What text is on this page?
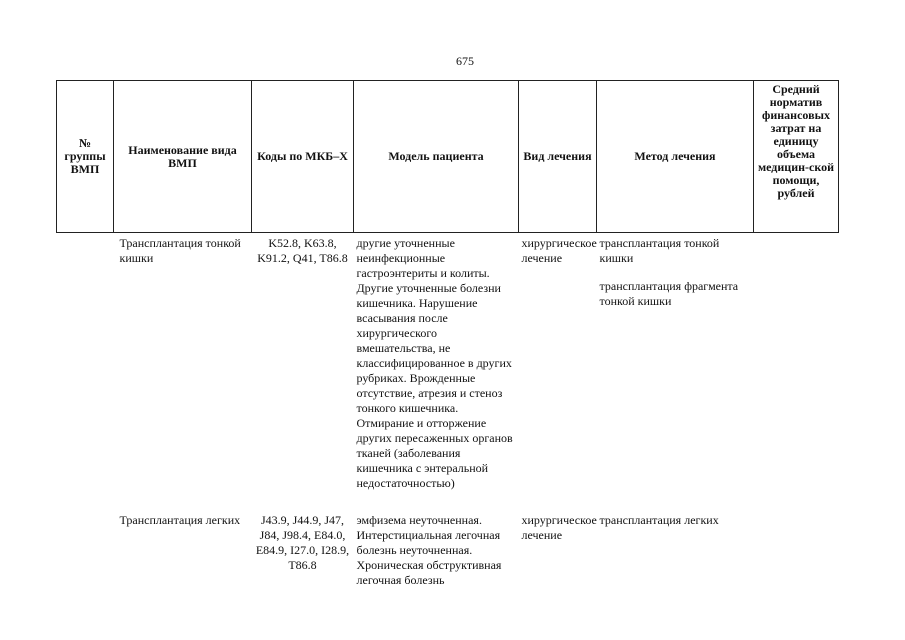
675
№ группы ВМП	Наименование вида ВМП	Коды по МКБ–Х	Модель пациента	Вид лечения	Метод лечения	Средний норматив финансовых затрат на единицу объема медицин-ской помощи, рублей
	Трансплантация тонкой кишки	K52.8, K63.8, K91.2, Q41, T86.8	другие уточненные неинфекционные гастроэнтериты и колиты. Другие уточненные болезни кишечника. Нарушение всасывания после хирургического вмешательства, не классифицированное в других рубриках. Врожденные отсутствие, атрезия и стеноз тонкого кишечника. Отмирание и отторжение других пересаженных органов тканей (заболевания кишечника с энтеральной недостаточностью)	хирургическое лечение	трансплантация тонкой кишки
трансплантация фрагмента тонкой кишки	

	Трансплантация легких	J43.9, J44.9, J47, J84, J98.4, E84.0, E84.9, I27.0, I28.9, T86.8	эмфизема неуточненная. Интерстициальная легочная болезнь неуточненная. Хроническая обструктивная легочная болезнь	хирургическое лечение	трансплантация легких	
